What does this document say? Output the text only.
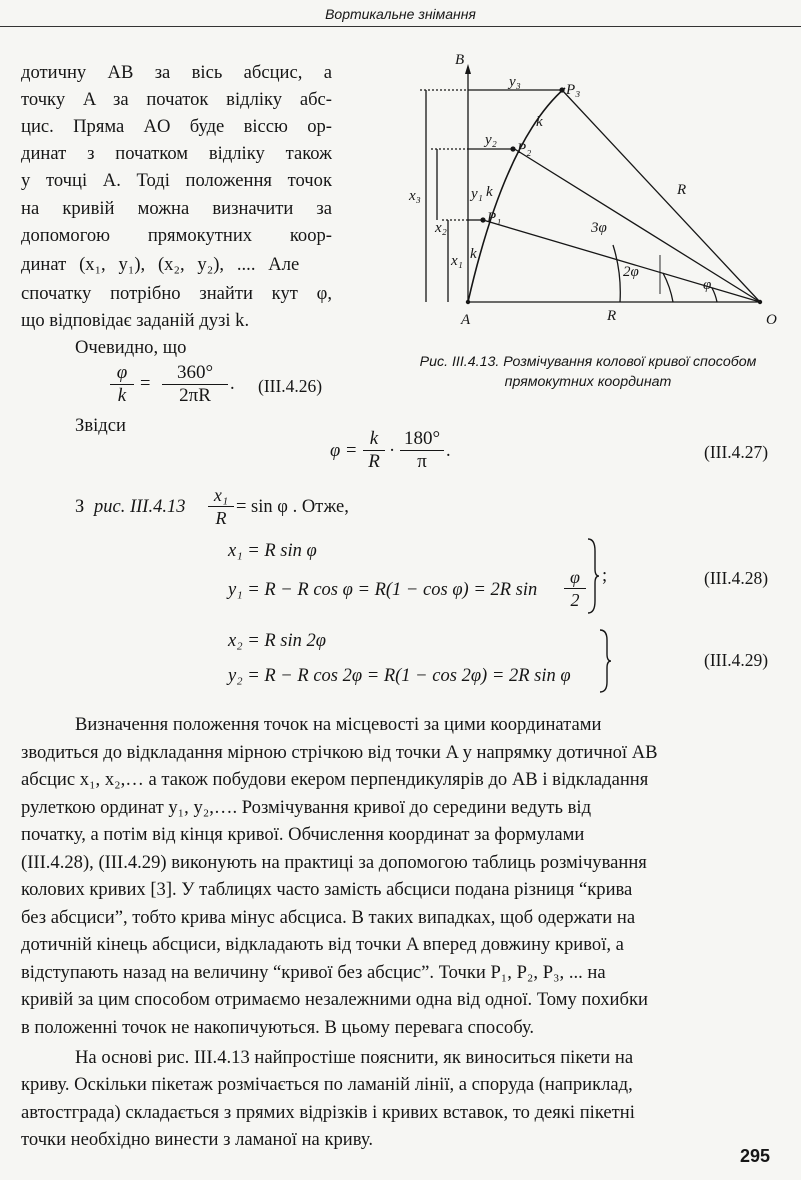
Вортикальне знімання
дотичну AB за вісь абсцис, а
точку A за початок відліку абс-
цис. Пряма AO буде віссю ор-
динат з початком відліку також
у точці A. Тоді положення точок
на кривій можна визначити за
допомогою прямокутних коор-
динат (x₁, y₁), (x₂, y₂), .... Але
спочатку потрібно знайти кут φ,
що відповідає заданій дузі k.
Очевидно, що
$\frac{\varphi}{k} = \frac{360^\circ}{2\pi R}$ . (III.4.26)
Звідси
$\varphi = \frac{k}{R} \cdot \frac{180^\circ}{\pi}$ .	(III.4.27)
З рис. $III.4.13 \frac{\text{x₁}}{R} = \sin \varphi$ . Отже,
x₁ = R sin φ
y₁ = R − R cos φ = R(1 − cos φ) = 2R $\sin \frac{\varphi}{2}$ ;	(III.4.28)
x₂ = R sin 2φ
y₂ = R − R cos 2φ = R(1 − cos 2φ) = 2R sin φ
(III.4.29)
B
A	O
P₁
P₂
P₃
x₃
x₂
x₁
y₁
y₂
y₃
k
k
k
R
R
φ
2φ
3φ
Рис. III.4.13. Розмічування колової кривої способом прямокутних координат
Визначення положення точок на місцевості за цими координатами
зводиться до відкладання мірною стрічкою від точки A у напрямку дотичної AB
абсцис x₁, x₂,… а також побудови екером перпендикулярів до AB і відкладання
рулеткою ординат y₁, y₂,…. Розмічування кривої до середини ведуть від
початку, а потім від кінця кривої. Обчислення координат за формулами
(III.4.28), (III.4.29) виконують на практиці за допомогою таблиць розмічування
колових кривих [3]. У таблицях часто замість абсциси подана різниця “крива
без абсциси”, тобто крива мінус абсциса. В таких випадках, щоб одержати на
дотичній кінець абсциси, відкладають від точки A вперед довжину кривої, а
відступають назад на величину “кривої без абсцис”. Точки P₁, P₂, P₃, ... на
кривій за цим способом отримаємо незалежними одна від одної. Тому похибки
в положенні точок не накопичуються. В цьому перевага способу.
На основі рис. III.4.13 найпростіше пояснити, як виноситься пікети на
криву. Оскільки пікетаж розмічається по ламаній лінії, а споруда (наприклад,
автостграда) складається з прямих відрізків і кривих вставок, то деякі пікетні
точки необхідно винести з ламаної на криву.
295
